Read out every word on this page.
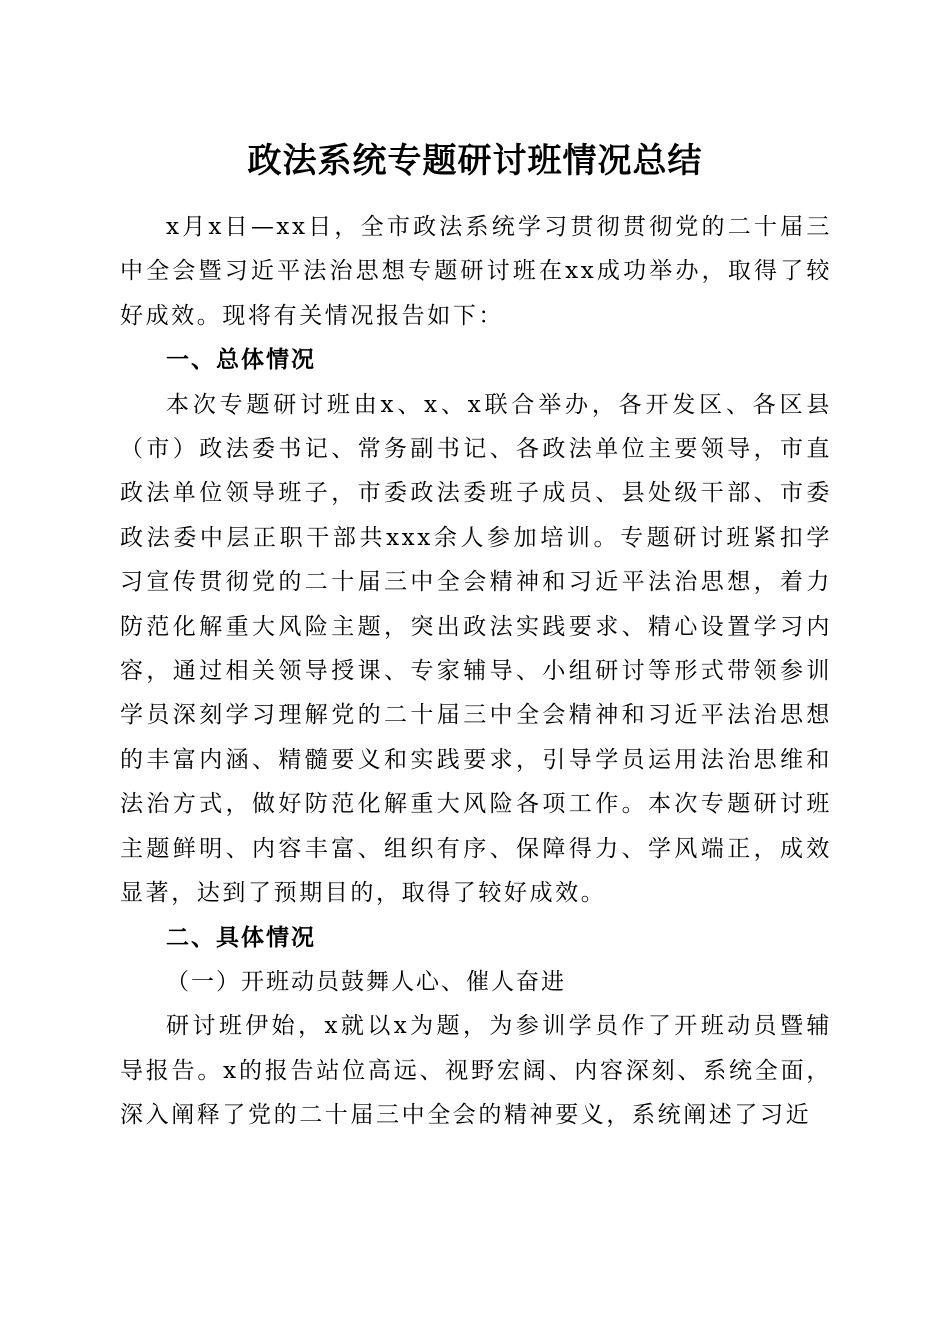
政法系统专题研讨班情况总结

x月x日—xx日，全市政法系统学习贯彻贯彻党的二十届三中全会暨习近平法治思想专题研讨班在xx成功举办，取得了较好成效。现将有关情况报告如下：

一、总体情况

本次专题研讨班由x、x、x联合举办，各开发区、各区县（市）政法委书记、常务副书记、各政法单位主要领导，市直政法单位领导班子，市委政法委班子成员、县处级干部、市委政法委中层正职干部共xxx余人参加培训。专题研讨班紧扣学习宣传贯彻党的二十届三中全会精神和习近平法治思想，着力防范化解重大风险主题，突出政法实践要求、精心设置学习内容，通过相关领导授课、专家辅导、小组研讨等形式带领参训学员深刻学习理解党的二十届三中全会精神和习近平法治思想的丰富内涵、精髓要义和实践要求，引导学员运用法治思维和法治方式，做好防范化解重大风险各项工作。本次专题研讨班主题鲜明、内容丰富、组织有序、保障得力、学风端正，成效显著，达到了预期目的，取得了较好成效。

二、具体情况

（一）开班动员鼓舞人心、催人奋进

研讨班伊始，x就以x为题，为参训学员作了开班动员暨辅导报告。x的报告站位高远、视野宏阔、内容深刻、系统全面，深入阐释了党的二十届三中全会的精神要义，系统阐述了习近
